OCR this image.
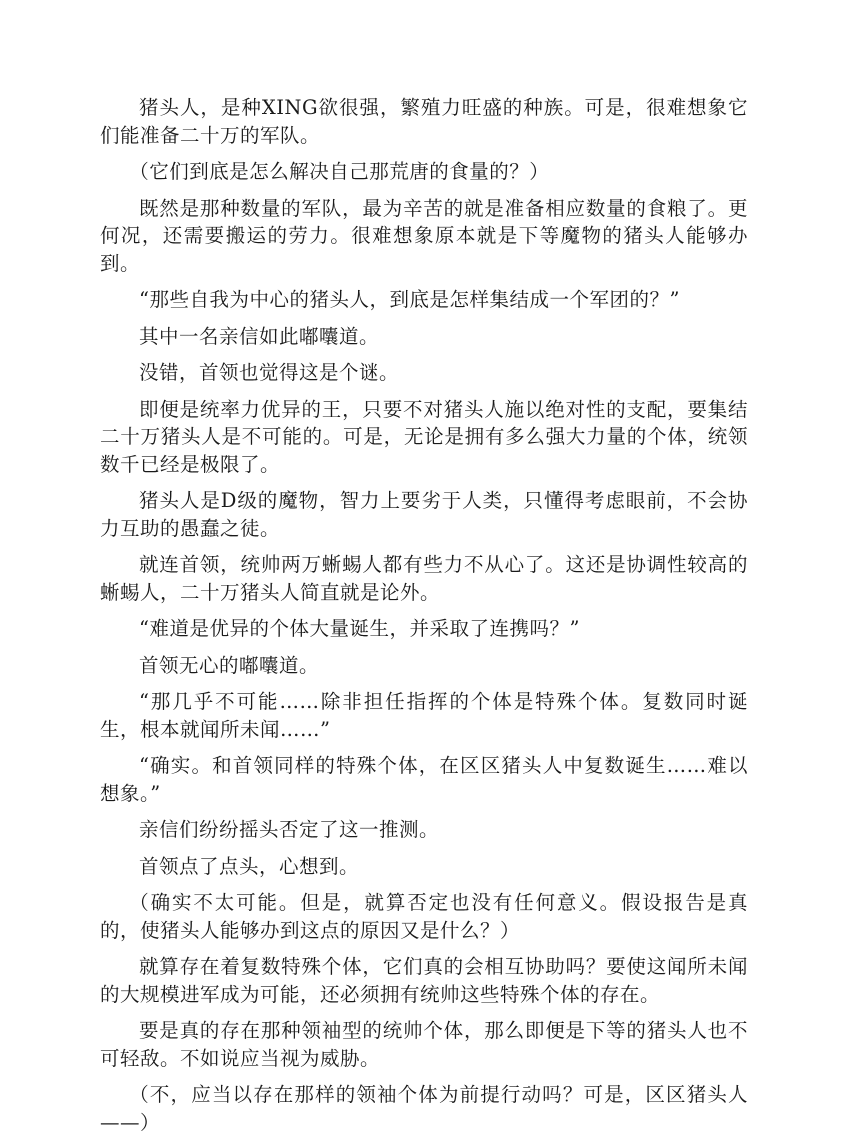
猪头人，是种XING欲很强，繁殖力旺盛的种族。可是，很难想象它们能准备二十万的军队。

（它们到底是怎么解决自己那荒唐的食量的？）

既然是那种数量的军队，最为辛苦的就是准备相应数量的食粮了。更何况，还需要搬运的劳力。很难想象原本就是下等魔物的猪头人能够办到。

“那些自我为中心的猪头人，到底是怎样集结成一个军团的？”

其中一名亲信如此嘟囔道。

没错，首领也觉得这是个谜。

即便是统率力优异的王，只要不对猪头人施以绝对性的支配，要集结二十万猪头人是不可能的。可是，无论是拥有多么强大力量的个体，统领数千已经是极限了。

猪头人是D级的魔物，智力上要劣于人类，只懂得考虑眼前，不会协力互助的愚蠢之徒。

就连首领，统帅两万蜥蜴人都有些力不从心了。这还是协调性较高的蜥蜴人，二十万猪头人简直就是论外。

“难道是优异的个体大量诞生，并采取了连携吗？”

首领无心的嘟囔道。

“那几乎不可能……除非担任指挥的个体是特殊个体。复数同时诞生，根本就闻所未闻……”

“确实。和首领同样的特殊个体，在区区猪头人中复数诞生……难以想象。”

亲信们纷纷摇头否定了这一推测。

首领点了点头，心想到。

（确实不太可能。但是，就算否定也没有任何意义。假设报告是真的，使猪头人能够办到这点的原因又是什么？）

就算存在着复数特殊个体，它们真的会相互协助吗？要使这闻所未闻的大规模进军成为可能，还必须拥有统帅这些特殊个体的存在。

要是真的存在那种领袖型的统帅个体，那么即便是下等的猪头人也不可轻敌。不如说应当视为威胁。

（不，应当以存在那样的领袖个体为前提行动吗？可是，区区猪头人——）
